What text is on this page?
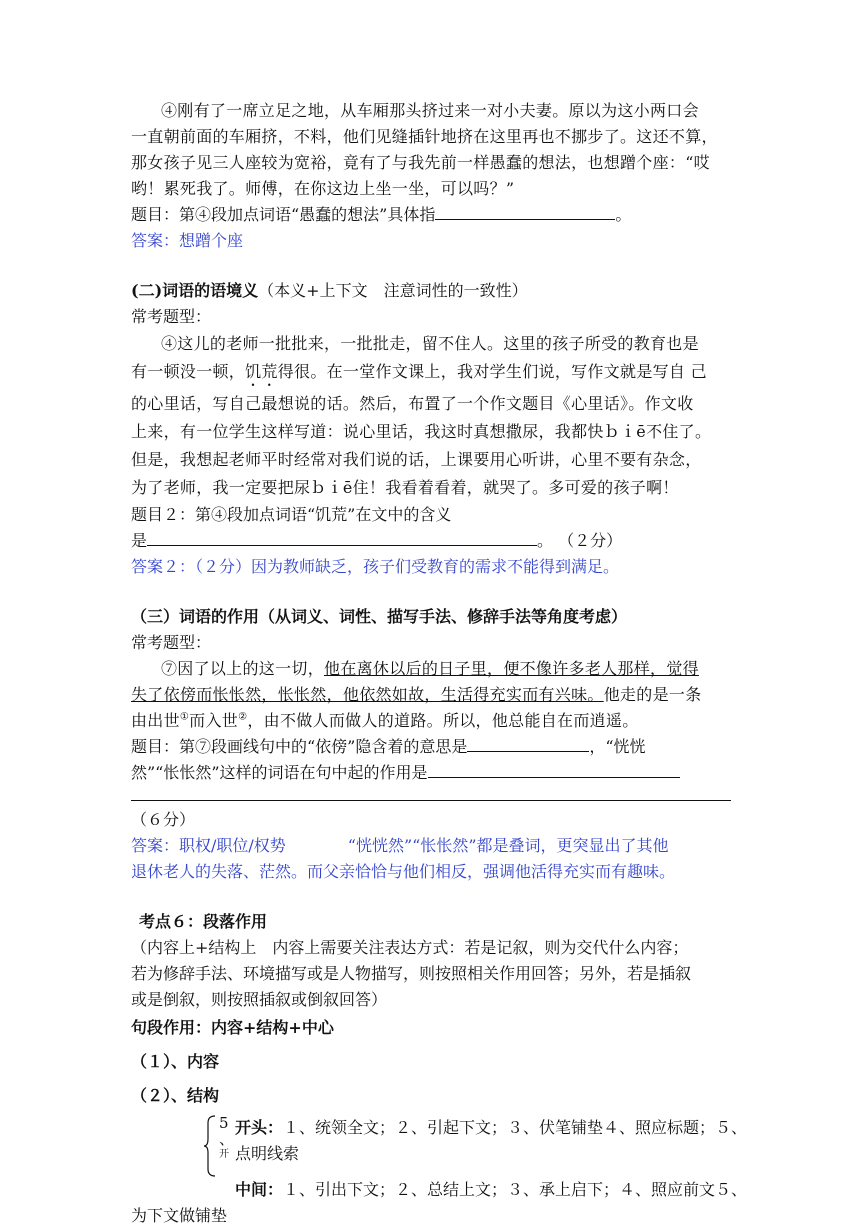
④刚有了一席立足之地，从车厢那头挤过来一对小夫妻。原以为这小两口会
一直朝前面的车厢挤，不料，他们见缝插针地挤在这里再也不挪步了。这还不算，
那女孩子见三人座较为宽裕，竟有了与我先前一样愚蠢的想法，也想蹭个座：“哎
哟！累死我了。师傅，在你这边上坐一坐，可以吗？”
题目：第④段加点词语“愚蠢的想法”具体指	。
答案：想蹭个座
(二)词语的语境义（本义+上下文　注意词性的一致性）
常考题型：
④这儿的老师一批批来，一批批走，留不住人。这里的孩子所受的教育也是
有一顿没一顿，饥荒得很。在一堂作文课上，我对学生们说，写作文就是写自 己
的心里话，写自己最想说的话。然后，布置了一个作文题目《心里话》。作文收
上来，有一位学生这样写道：说心里话，我这时真想撒尿，我都快ｂｉē不住了。
但是，我想起老师平时经常对我们说的话，上课要用心听讲，心里不要有杂念，
为了老师，我一定要把尿ｂｉē住！我看着看着，就哭了。多可爱的孩子啊！
题目２：第④段加点词语“饥荒”在文中的含义
是	。 （２分）
答案２：（２分）因为教师缺乏，孩子们受教育的需求不能得到满足。
（三）词语的作用（从词义、词性、描写手法、修辞手法等角度考虑）
常考题型：
⑦因了以上的这一切，他在离休以后的日子里，便不像许多老人那样，觉得
失了依傍而怅怅然，怅怅然，他依然如故，生活得充实而有兴味。他走的是一条
由出世①而入世②，由不做人而做人的道路。所以，他总能自在而逍遥。
题目：第⑦段画线句中的“依傍”隐含着的意思是	，“恍恍
然”“怅怅然”这样的词语在句中起的作用是
（６分）
答案：职权/职位/权势	“恍恍然”“怅怅然”都是叠词，更突显出了其他
退休老人的失落、茫然。而父亲恰恰与他们相反，强调他活得充实而有趣味。
考点６：段落作用
（内容上+结构上　内容上需要关注表达方式：若是记叙，则为交代什么内容；
若为修辞手法、环境描写或是人物描写，则按照相关作用回答；另外，若是插叙
或是倒叙，则按照插叙或倒叙回答）
句段作用：内容+结构+中心
（１）、内容
（２）、结构
5
、
开
开头：１、统领全文；２、引起下文；３、伏笔铺垫４、照应标题；５、
点明线索
中间：１、引出下文；２、总结上文；３、承上启下；４、照应前文５、
为下文做铺垫
